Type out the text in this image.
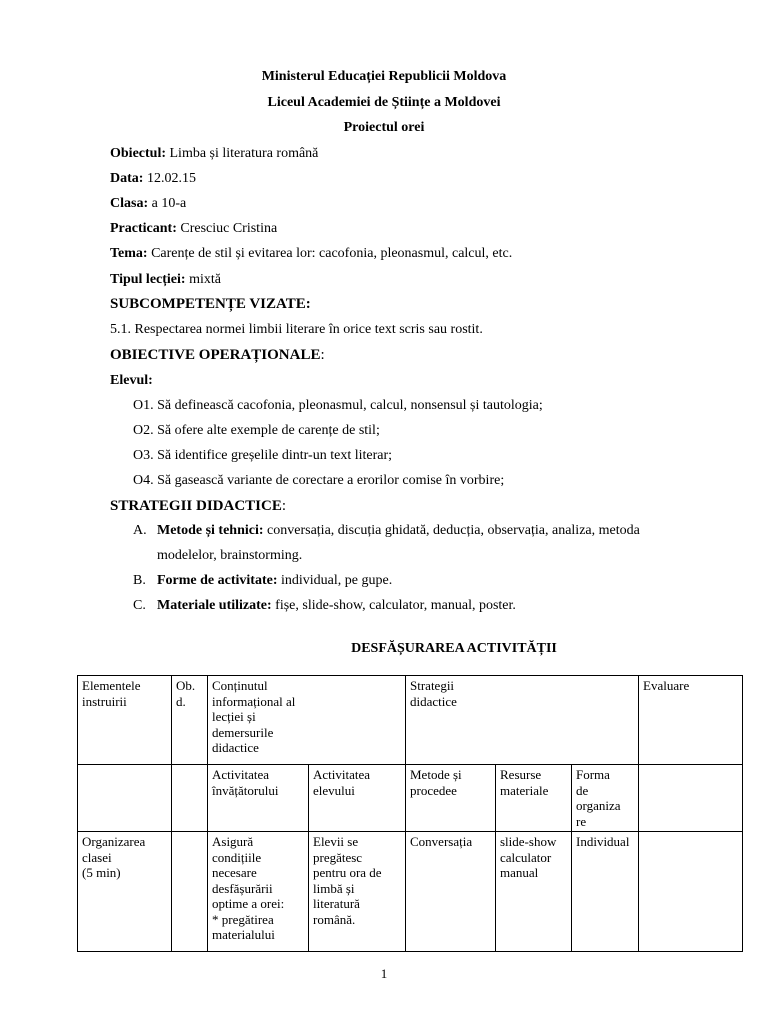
Ministerul Educației Republicii Moldova
Liceul Academiei de Științe a Moldovei
Proiectul orei
Obiectul: Limba și literatura română
Data: 12.02.15
Clasa: a 10-a
Practicant: Cresciuc Cristina
Tema: Carențe de stil și evitarea lor: cacofonia, pleonasmul, calcul, etc.
Tipul lecției: mixtă
SUBCOMPETENȚE VIZATE:
5.1. Respectarea normei limbii literare în orice text scris sau rostit.
OBIECTIVE OPERAȚIONALE:
Elevul:
O1. Să definească cacofonia, pleonasmul, calcul, nonsensul și tautologia;
O2. Să ofere alte exemple de carențe de stil;
O3. Să identifice greșelile dintr-un text literar;
O4. Să gasească variante de corectare a erorilor comise în vorbire;
STRATEGII DIDACTICE:
A. Metode și tehnici: conversația, discuția ghidată, deducția, observația, analiza, metoda
modelelor, brainstorming.
B. Forme de activitate: individual, pe gupe.
C. Materiale utilizate: fișe, slide-show, calculator, manual, poster.
DESFĂȘURAREA ACTIVITĂȚII
Elementele instruirii	Ob. d.	Conținutul informațional al lecției și demersurile didactice		Strategii didactice			Evaluare
		Activitatea învățătorului	Activitatea elevului	Metode și procedee	Resurse materiale	Forma de organizare	

Organizarea clasei
(5 min)		Asigură condițiile necesare desfășurării optime a orei: * pregătirea materialului	Elevii se pregătesc pentru ora de limbă și literatură română.	Conversația	slide-show calculator manual	Individual	

1
